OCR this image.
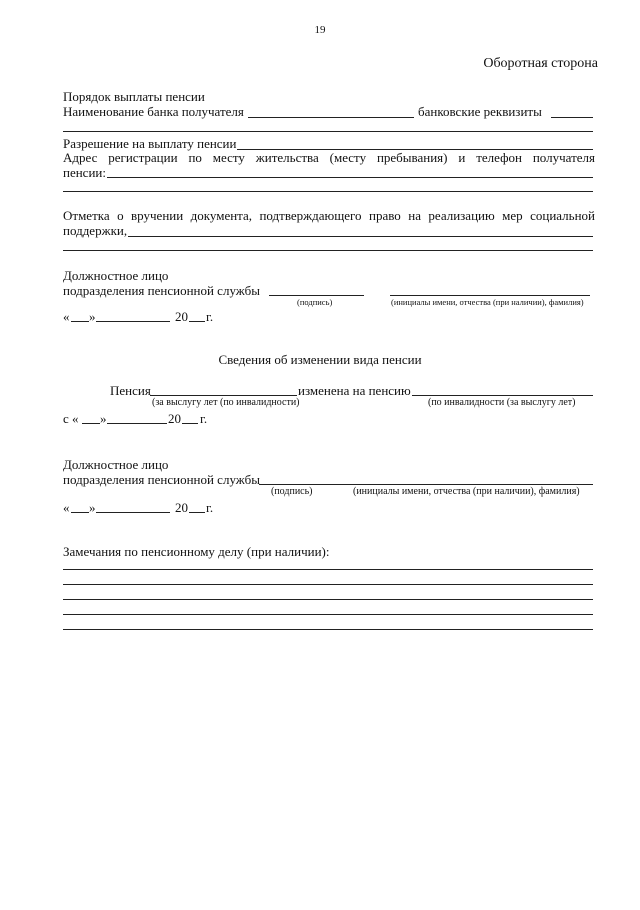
19
Оборотная сторона
Порядок выплаты пенсии
Наименование банка получателя	банковские реквизиты
Разрешение на выплату пенсии
Адрес регистрации по месту жительства (месту пребывания) и телефон получателя
пенсии:
Отметка о вручении документа, подтверждающего право на реализацию мер социальной
поддержки,
Должностное лицо
подразделения пенсионной службы
(подпись)	(инициалы имени, отчества (при наличии), фамилия)
« »	20 г.
Сведения об изменении вида пенсии
Пенсия	изменена на пенсию
(за выслугу лет (по инвалидности)	(по инвалидности (за выслугу лет)
с « »	20 г.
Должностное лицо
подразделения пенсионной службы
(подпись)	(инициалы имени, отчества (при наличии), фамилия)
« »	20 г.
Замечания по пенсионному делу (при наличии):
